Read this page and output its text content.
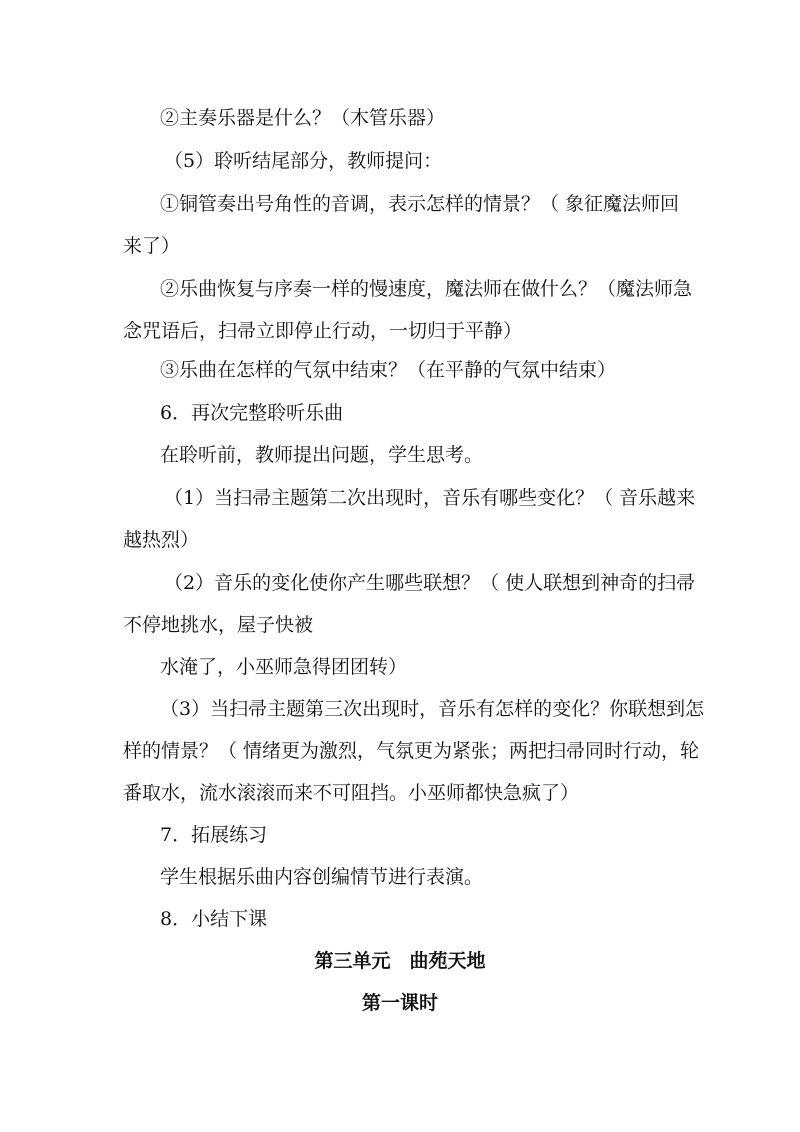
②主奏乐器是什么？（木管乐器）

（5）聆听结尾部分，教师提问：

①铜管奏出号角性的音调，表示怎样的情景？（ 象征魔法师回

来了）

②乐曲恢复与序奏一样的慢速度，魔法师在做什么？（魔法师急

念咒语后，扫帚立即停止行动，一切归于平静）

③乐曲在怎样的气氛中结束？（在平静的气氛中结束）

6．再次完整聆听乐曲

在聆听前，教师提出问题，学生思考。

（1）当扫帚主题第二次出现时，音乐有哪些变化？（ 音乐越来

越热烈）

（2）音乐的变化使你产生哪些联想？（ 使人联想到神奇的扫帚

不停地挑水，屋子快被

水淹了，小巫师急得团团转）

（3）当扫帚主题第三次出现时，音乐有怎样的变化？你联想到怎

样的情景？（ 情绪更为激烈，气氛更为紧张；两把扫帚同时行动，轮

番取水，流水滚滚而来不可阻挡。小巫师都快急疯了）

7．拓展练习

学生根据乐曲内容创编情节进行表演。

8．小结下课

第三单元　曲苑天地

第一课时
